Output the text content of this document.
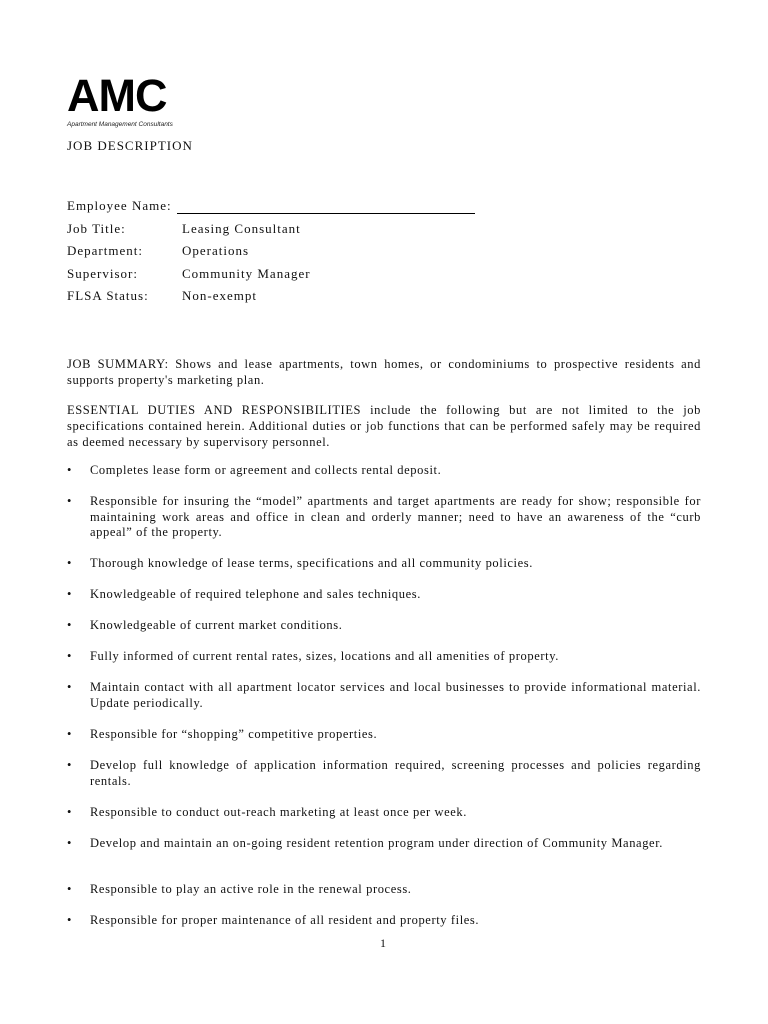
AMC
Apartment Management Consultants
JOB DESCRIPTION
Employee Name:
Job Title:	Leasing Consultant
Department:	Operations
Supervisor:	Community Manager
FLSA Status:	Non-exempt

JOB SUMMARY: Shows and lease apartments, town homes, or condominiums to prospective residents and supports property's marketing plan.

ESSENTIAL DUTIES AND RESPONSIBILITIES include the following but are not limited to the job specifications contained herein. Additional duties or job functions that can be performed safely may be required as deemed necessary by supervisory personnel.

• Completes lease form or agreement and collects rental deposit.
• Responsible for insuring the “model” apartments and target apartments are ready for show; responsible for maintaining work areas and office in clean and orderly manner; need to have an awareness of the “curb appeal” of the property.
• Thorough knowledge of lease terms, specifications and all community policies.
• Knowledgeable of required telephone and sales techniques.
• Knowledgeable of current market conditions.
• Fully informed of current rental rates, sizes, locations and all amenities of property.
• Maintain contact with all apartment locator services and local businesses to provide informational material. Update periodically.
• Responsible for “shopping” competitive properties.
• Develop full knowledge of application information required, screening processes and policies regarding rentals.
• Responsible to conduct out-reach marketing at least once per week.
• Develop and maintain an on-going resident retention program under direction of Community Manager.
• Responsible to play an active role in the renewal process.
• Responsible for proper maintenance of all resident and property files.
1
